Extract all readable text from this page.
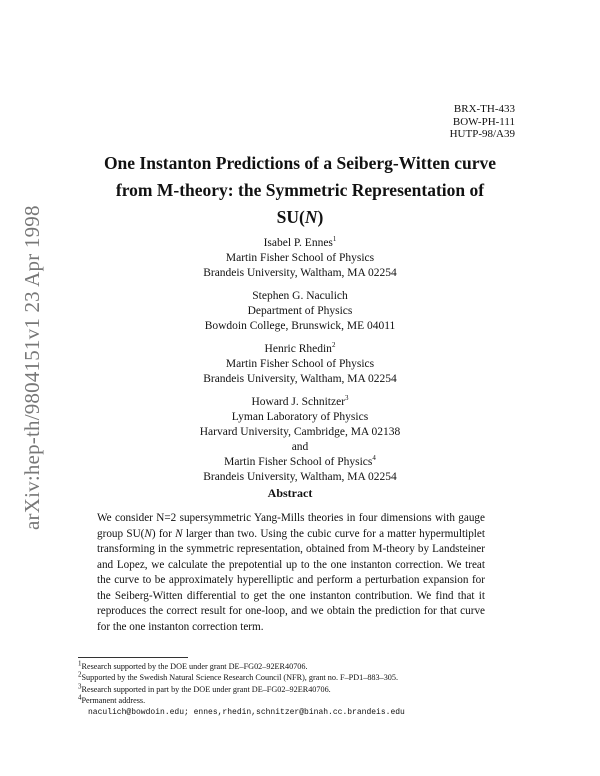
arXiv:hep-th/9804151v1 23 Apr 1998
BRX-TH-433
BOW-PH-111
HUTP-98/A39
One Instanton Predictions of a Seiberg-Witten curve
from M-theory: the Symmetric Representation of
SU(N)
Isabel P. Ennes$^1$
Martin Fisher School of Physics
Brandeis University, Waltham, MA 02254
Stephen G. Naculich
Department of Physics
Bowdoin College, Brunswick, ME 04011
Henric Rhedin$^2$
Martin Fisher School of Physics
Brandeis University, Waltham, MA 02254
Howard J. Schnitzer$^3$
Lyman Laboratory of Physics
Harvard University, Cambridge, MA 02138
and
Martin Fisher School of Physics$^4$
Brandeis University, Waltham, MA 02254
Abstract
We consider N=2 supersymmetric Yang-Mills theories in four dimensions with gauge group SU(N) for N larger than two. Using the cubic curve for a matter hypermultiplet transforming in the symmetric representation, obtained from M-theory by Landsteiner and Lopez, we calculate the prepotential up to the one instanton correction. We treat the curve to be approximately hyperelliptic and perform a perturbation expansion for the Seiberg-Witten differential to get the one instanton contribution. We find that it reproduces the correct result for one-loop, and we obtain the prediction for that curve for the one instanton correction term.
$^1$Research supported by the DOE under grant DE–FG02–92ER40706.
$^2$Supported by the Swedish Natural Science Research Council (NFR), grant no. F–PD1–883–305.
$^3$Research supported in part by the DOE under grant DE–FG02–92ER40706.
$^4$Permanent address.
naculich@bowdoin.edu; ennes,rhedin,schnitzer@binah.cc.brandeis.edu
